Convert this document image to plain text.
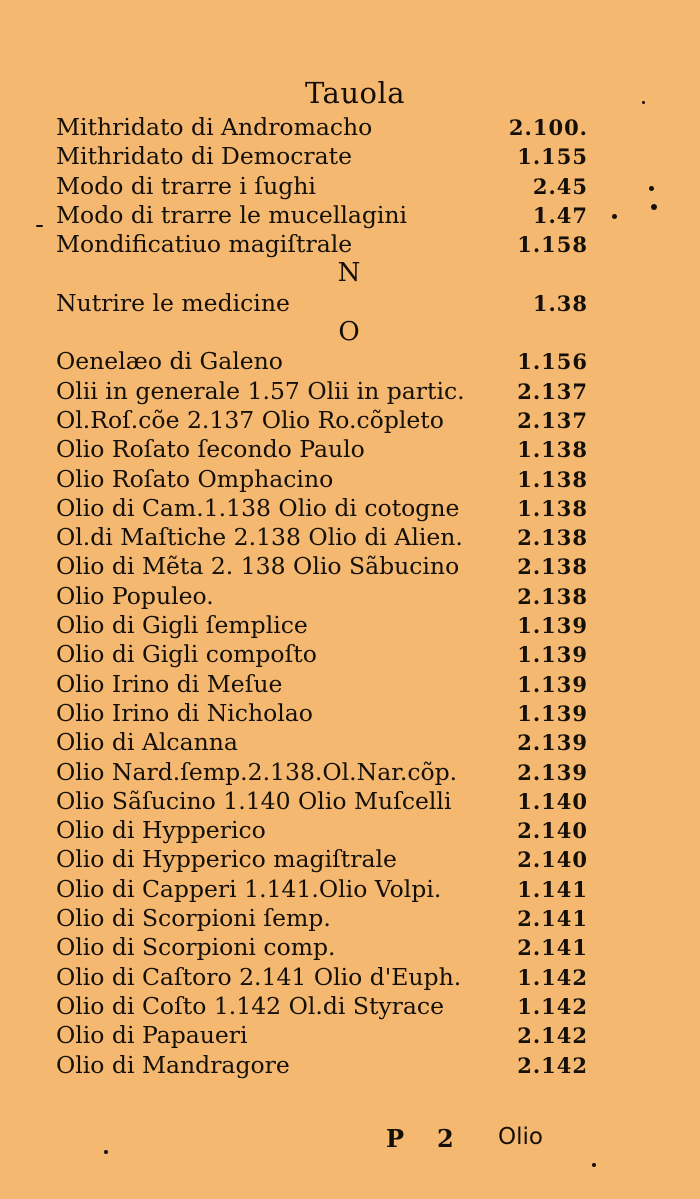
Tauola
Mithridato di Andromacho	2.100.
Mithridato di Democrate	1.155
Modo di trarre i ſughi	2.45
Modo di trarre le mucellagini	1.47
Mondificatiuo magiſtrale	1.158
N
Nutrire le medicine	1.38
O
Oenelæo di Galeno	1.156
Olii in generale 1.57 Olii in partic.	2.137
Ol.Roſ.cõe 2.137 Olio Ro.cõpleto	2.137
Olio Roſato ſecondo Paulo	1.138
Olio Roſato Omphacino	1.138
Olio di Cam.1.138 Olio di cotogne	1.138
Ol.di Maſtiche 2.138 Olio di Alien.	2.138
Olio di Mẽta 2. 138 Olio Sãbucino	2.138
Olio Populeo.	2.138
Olio di Gigli ſemplice	1.139
Olio di Gigli compoſto	1.139
Olio Irino di Meſue	1.139
Olio Irino di Nicholao	1.139
Olio di Alcanna	2.139
Olio Nard.ſemp.2.138.Ol.Nar.cõp.	2.139
Olio Sãſucino 1.140 Olio Muſcelli	1.140
Olio di Hypperico	2.140
Olio di Hypperico magiſtrale	2.140
Olio di Capperi 1.141.Olio Volpi.	1.141
Olio di Scorpioni ſemp.	2.141
Olio di Scorpioni comp.	2.141
Olio di Caſtoro 2.141 Olio d'Euph.	1.142
Olio di Coſto 1.142 Ol.di Styrace	1.142
Olio di Papaueri	2.142
Olio di Mandragore	2.142
P 2 Olio
